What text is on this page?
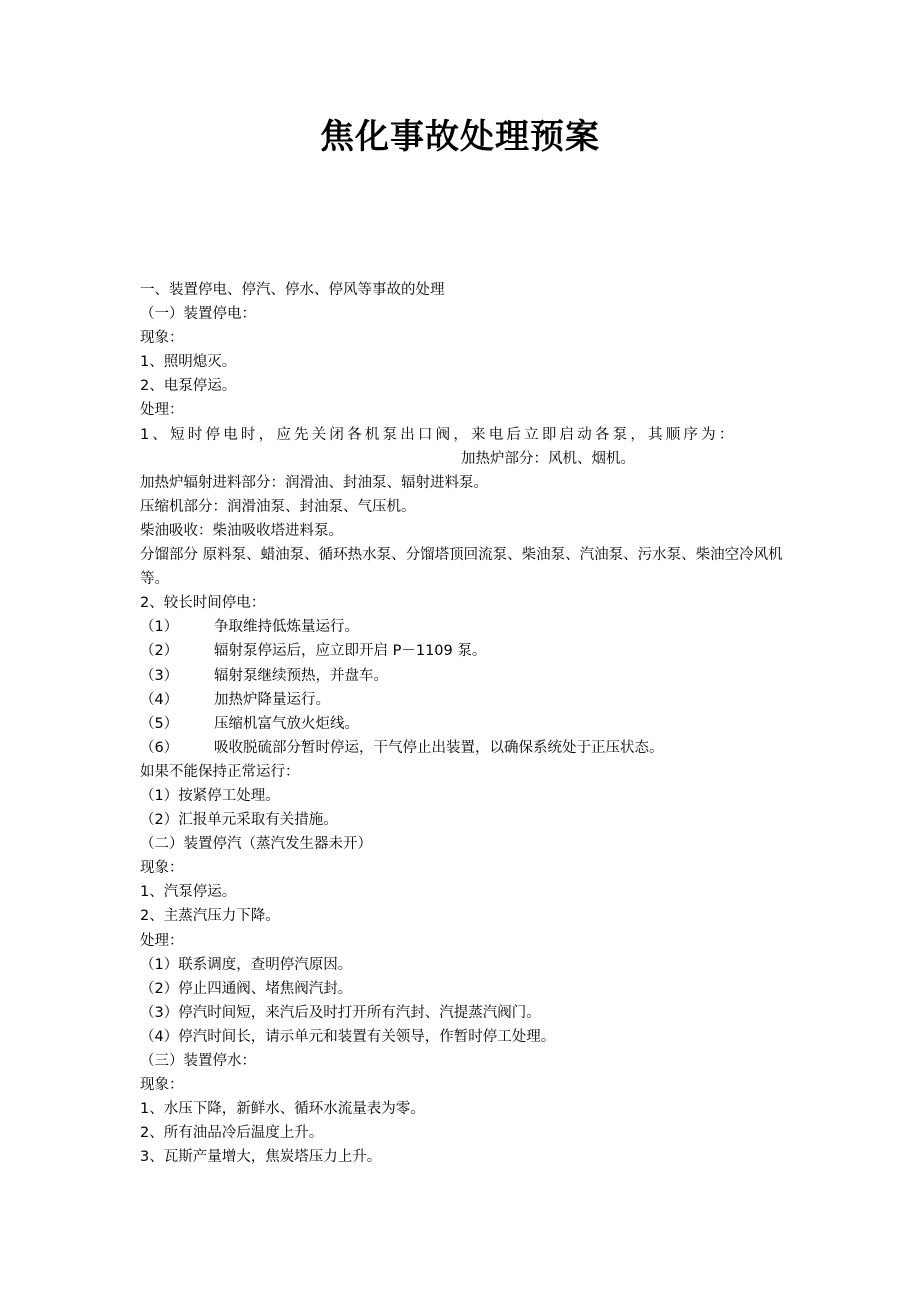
焦化事故处理预案
一、装置停电、停汽、停水、停风等事故的处理
（一）装置停电：
现象：
1、照明熄灭。
2、电泵停运。
处理：
1、短时停电时，应先关闭各机泵出口阀，来电后立即启动各泵，其顺序为：
加热炉部分：风机、烟机。
加热炉辐射进料部分：润滑油、封油泵、辐射进料泵。
压缩机部分：润滑油泵、封油泵、气压机。
柴油吸收：柴油吸收塔进料泵。
分馏部分 原料泵、蜡油泵、循环热水泵、分馏塔顶回流泵、柴油泵、汽油泵、污水泵、柴油空冷风机等。
2、较长时间停电：
（1）	争取维持低炼量运行。
（2）	辐射泵停运后，应立即开启 P－1109 泵。
（3）	辐射泵继续预热，并盘车。
（4）	加热炉降量运行。
（5）	压缩机富气放火炬线。
（6）	吸收脱硫部分暂时停运，干气停止出装置，以确保系统处于正压状态。
如果不能保持正常运行：
（1）按紧停工处理。
（2）汇报单元采取有关措施。
（二）装置停汽（蒸汽发生器未开）
现象：
1、汽泵停运。
2、主蒸汽压力下降。
处理：
（1）联系调度，查明停汽原因。
（2）停止四通阀、堵焦阀汽封。
（3）停汽时间短，来汽后及时打开所有汽封、汽提蒸汽阀门。
（4）停汽时间长，请示单元和装置有关领导，作暂时停工处理。
（三）装置停水：
现象：
1、水压下降，新鲜水、循环水流量表为零。
2、所有油品冷后温度上升。
3、瓦斯产量增大，焦炭塔压力上升。
